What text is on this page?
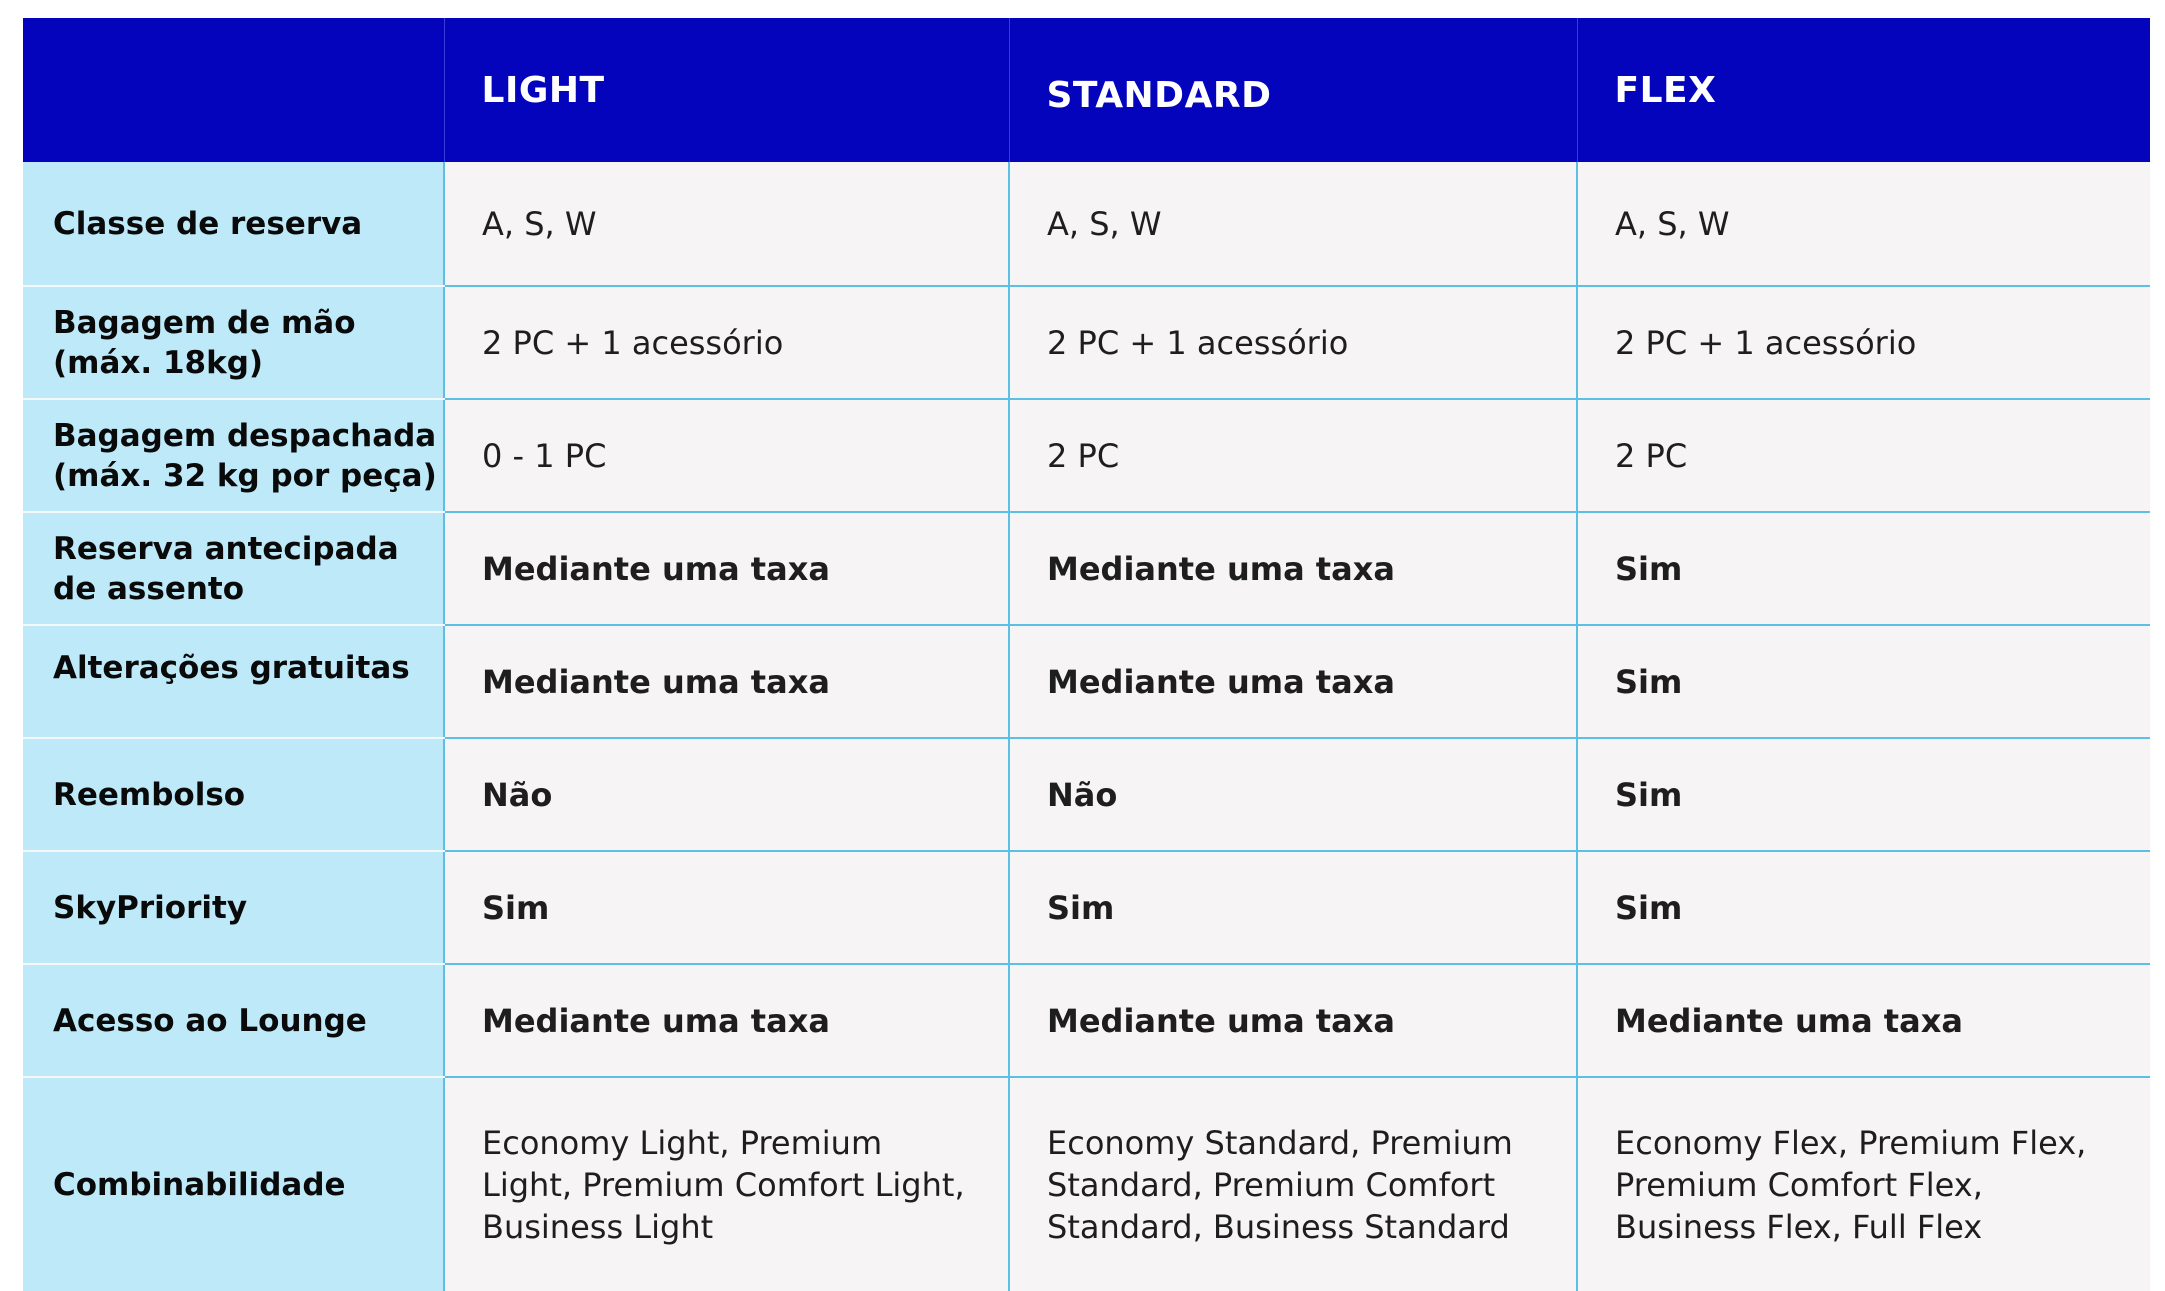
	LIGHT	STANDARD	FLEX
Classe de reserva	A, S, W	A, S, W	A, S, W
Bagagem de mão (máx. 18kg)	2 PC + 1 acessório	2 PC + 1 acessório	2 PC + 1 acessório
Bagagem despachada (máx. 32 kg por peça)	0 - 1 PC	2 PC	2 PC
Reserva antecipada de assento	Mediante uma taxa	Mediante uma taxa	Sim
Alterações gratuitas	Mediante uma taxa	Mediante uma taxa	Sim
Reembolso	Não	Não	Sim
SkyPriority	Sim	Sim	Sim
Acesso ao Lounge	Mediante uma taxa	Mediante uma taxa	Mediante uma taxa
Combinabilidade	Economy Light, Premium Light, Premium Comfort Light, Business Light	Economy Standard, Premium Standard, Premium Comfort Standard, Business Standard	Economy Flex, Premium Flex, Premium Comfort Flex, Business Flex, Full Flex
